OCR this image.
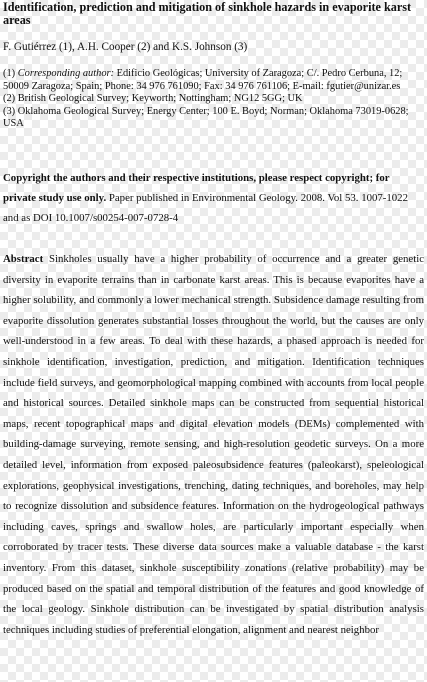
Identification, prediction and mitigation of sinkhole hazards in evaporite karst areas
F. Gutiérrez (1), A.H. Cooper (2) and K.S. Johnson (3)
(1) Corresponding author: Edificio Geológicas; University of Zaragoza; C/. Pedro Cerbuna, 12; 50009 Zaragoza; Spain; Phone: 34 976 761090; Fax: 34 976 761106; E-mail: fgutier@unizar.es
(2) British Geological Survey; Keyworth; Nottingham; NG12 5GG; UK
(3) Oklahoma Geological Survey; Energy Center; 100 E. Boyd; Norman; Oklahoma 73019-0628; USA
Copyright the authors and their respective institutions, please respect copyright; for private study use only. Paper published in Environmental Geology. 2008. Vol 53. 1007-1022 and as DOI 10.1007/s00254-007-0728-4

Abstract Sinkholes usually have a higher probability of occurrence and a greater genetic diversity in evaporite terrains than in carbonate karst areas. This is because evaporites have a higher solubility, and commonly a lower mechanical strength. Subsidence damage resulting from evaporite dissolution generates substantial losses throughout the world, but the causes are only well-understood in a few areas. To deal with these hazards, a phased approach is needed for sinkhole identification, investigation, prediction, and mitigation. Identification techniques include field surveys, and geomorphological mapping combined with accounts from local people and historical sources. Detailed sinkhole maps can be constructed from sequential historical maps, recent topographical maps and digital elevation models (DEMs) complemented with building-damage surveying, remote sensing, and high-resolution geodetic surveys. On a more detailed level, information from exposed paleosubsidence features (paleokarst), speleological explorations, geophysical investigations, trenching, dating techniques, and boreholes, may help to recognize dissolution and subsidence features. Information on the hydrogeological pathways including caves, springs and swallow holes, are particularly important especially when corroborated by tracer tests. These diverse data sources make a valuable database - the karst inventory. From this dataset, sinkhole susceptibility zonations (relative probability) may be produced based on the spatial and temporal distribution of the features and good knowledge of the local geology. Sinkhole distribution can be investigated by spatial distribution analysis techniques including studies of preferential elongation, alignment and nearest neighbor
